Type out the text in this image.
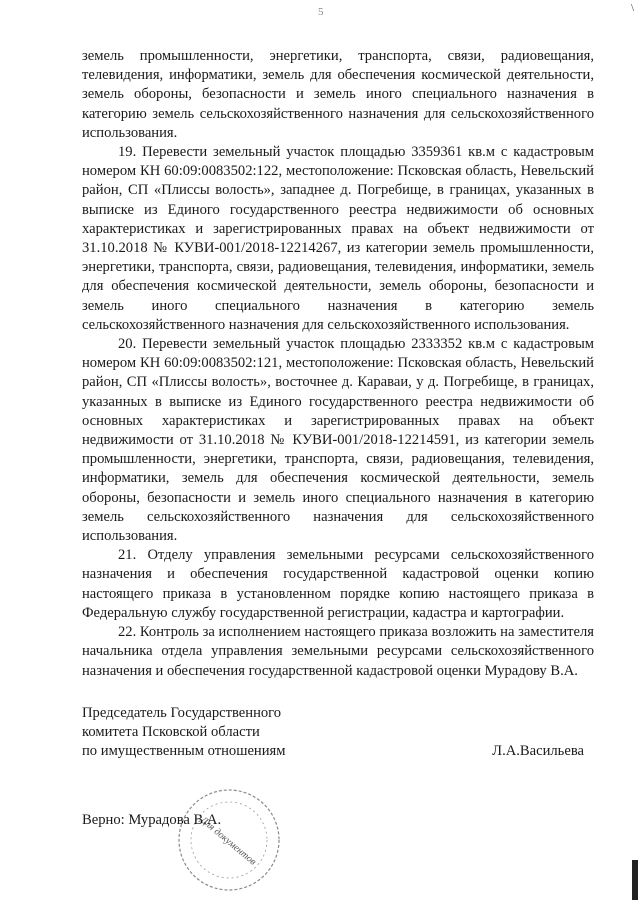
5	\

земель промышленности, энергетики, транспорта, связи, радиовещания, телевидения, информатики, земель для обеспечения космической деятельности, земель обороны, безопасности и земель иного специального назначения в категорию земель сельскохозяйственного назначения для сельскохозяйственного использования.

19. Перевести земельный участок площадью 3359361 кв.м с кадастровым номером КН 60:09:0083502:122, местоположение: Псковская область, Невельский район, СП «Плиссы волость», западнее д. Погребище, в границах, указанных в выписке из Единого государственного реестра недвижимости об основных характеристиках и зарегистрированных правах на объект недвижимости от 31.10.2018 № КУВИ-001/2018-12214267, из категории земель промышленности, энергетики, транспорта, связи, радиовещания, телевидения, информатики, земель для обеспечения космической деятельности, земель обороны, безопасности и земель иного специального назначения в категорию земель сельскохозяйственного назначения для сельскохозяйственного использования.

20. Перевести земельный участок площадью 2333352 кв.м с кадастровым номером КН 60:09:0083502:121, местоположение: Псковская область, Невельский район, СП «Плиссы волость», восточнее д. Караваи, у д. Погребище, в границах, указанных в выписке из Единого государственного реестра недвижимости об основных характеристиках и зарегистрированных правах на объект недвижимости от 31.10.2018 № КУВИ-001/2018-12214591, из категории земель промышленности, энергетики, транспорта, связи, радиовещания, телевидения, информатики, земель для обеспечения космической деятельности, земель обороны, безопасности и земель иного специального назначения в категорию земель сельскохозяйственного назначения для сельскохозяйственного использования.

21. Отделу управления земельными ресурсами сельскохозяйственного назначения и обеспечения государственной кадастровой оценки копию настоящего приказа в установленном порядке копию настоящего приказа в Федеральную службу государственной регистрации, кадастра и картографии.

22. Контроль за исполнением настоящего приказа возложить на заместителя начальника отдела управления земельными ресурсами сельскохозяйственного назначения и обеспечения государственной кадастровой оценки Мурадову В.А.

Председатель Государственного
комитета Псковской области
по имущественным отношениям	Л.А.Васильева
Для документов
Верно: Мурадова В.А.
